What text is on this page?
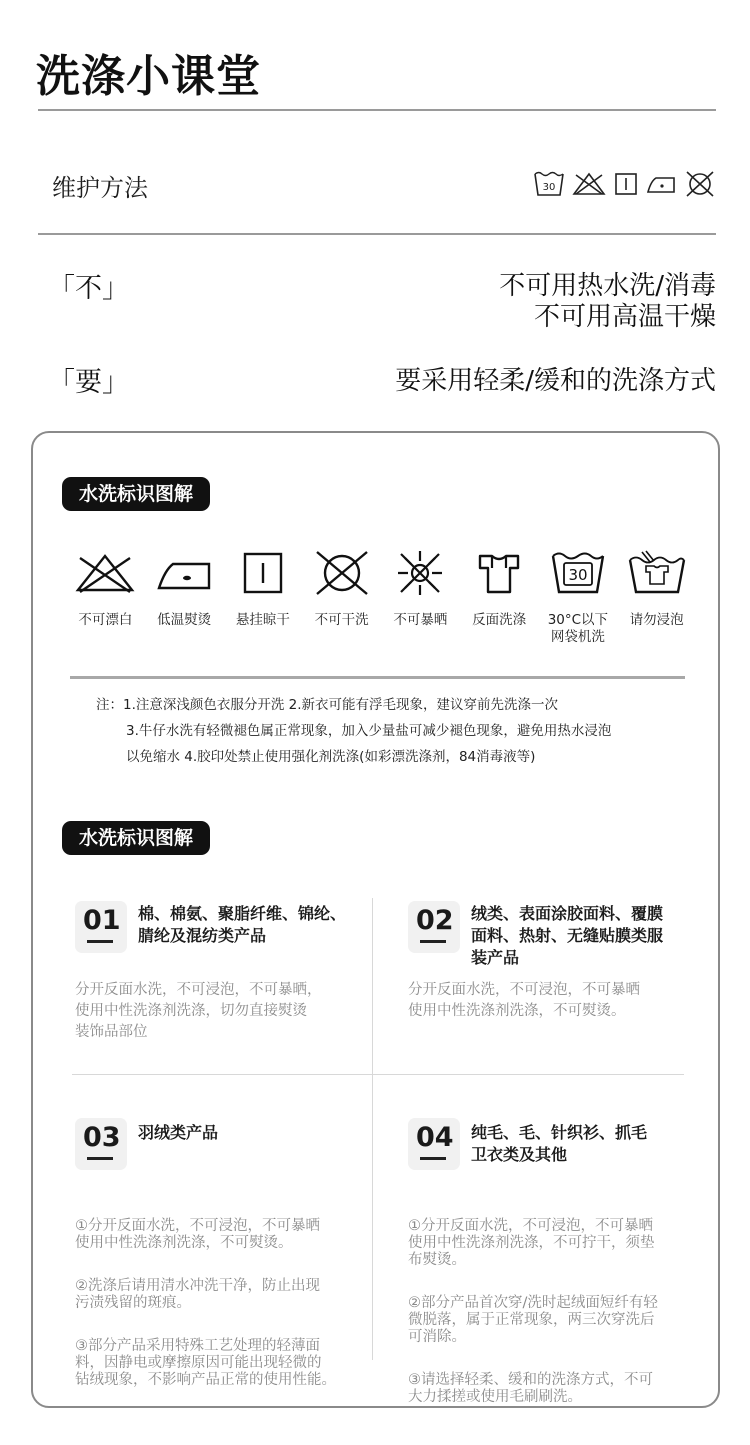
洗涤小课堂
维护方法	30
「不」	不可用热水洗/消毒
不可用高温干燥
「要」	要采用轻柔/缓和的洗涤方式
水洗标识图解
不可漂白 低温熨烫 悬挂晾干 不可干洗 不可暴晒 反面洗涤
30
30°C以下
网袋机洗
请勿浸泡
注：1.注意深浅颜色衣服分开洗 2.新衣可能有浮毛现象，建议穿前先洗涤一次
3.牛仔水洗有轻微褪色属正常现象，加入少量盐可减少褪色现象，避免用热水浸泡
以免缩水 4.胶印处禁止使用强化剂洗涤(如彩漂洗涤剂，84消毒液等)
水洗标识图解
01 棉、棉氨、聚脂纤维、锦纶、
腈纶及混纺类产品
分开反面水洗，不可浸泡，不可暴晒，
使用中性洗涤剂洗涤，切勿直接熨烫
装饰品部位
02 绒类、表面涂胶面料、覆膜
面料、热射、无缝贴膜类服
装产品
分开反面水洗，不可浸泡，不可暴晒
使用中性洗涤剂洗涤，不可熨烫。
03 羽绒类产品

①分开反面水洗，不可浸泡，不可暴晒
使用中性洗涤剂洗涤，不可熨烫。

②洗涤后请用清水冲洗干净，防止出现
污渍残留的斑痕。

③部分产品采用特殊工艺处理的轻薄面
料，因静电或摩擦原因可能出现轻微的
钻绒现象，不影响产品正常的使用性能。

04 纯毛、毛、针织衫、抓毛
卫衣类及其他

①分开反面水洗，不可浸泡，不可暴晒
使用中性洗涤剂洗涤，不可拧干，须垫
布熨烫。

②部分产品首次穿/洗时起绒面短纤有轻
微脱落，属于正常现象，两三次穿洗后
可消除。

③请选择轻柔、缓和的洗涤方式，不可
大力揉搓或使用毛刷刷洗。
